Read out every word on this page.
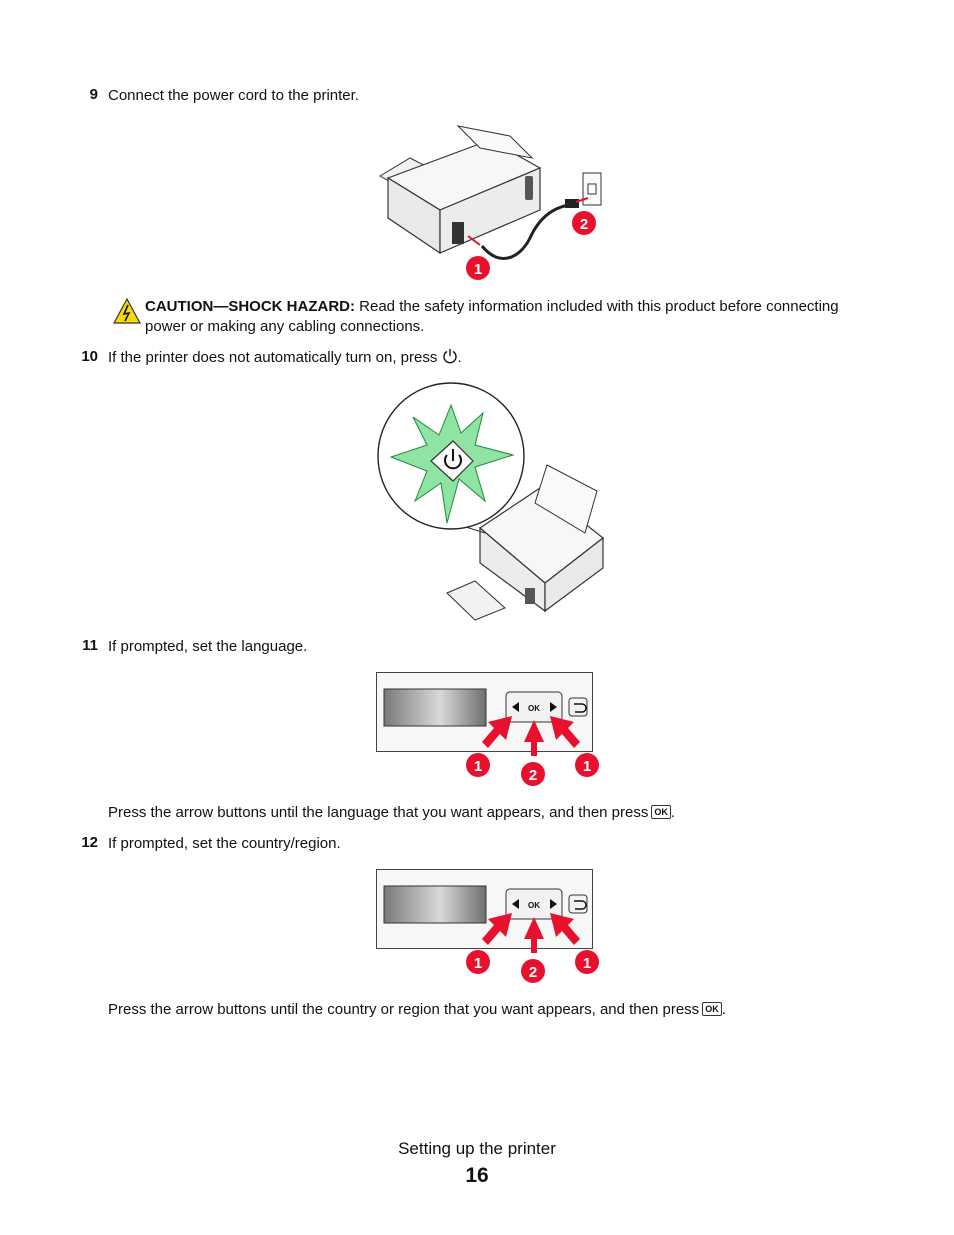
9 Connect the power cord to the printer.
2
1
CAUTION—SHOCK HAZARD: Read the safety information included with this product before connecting power or making any cabling connections.
10 If the printer does not automatically turn on, press .
11 If prompted, set the language.
OK
1
2
1
Press the arrow buttons until the language that you want appears, and then press OK .
12 If prompted, set the country/region.
OK
1
2
1
Press the arrow buttons until the country or region that you want appears, and then press OK .
Setting up the printer
16
